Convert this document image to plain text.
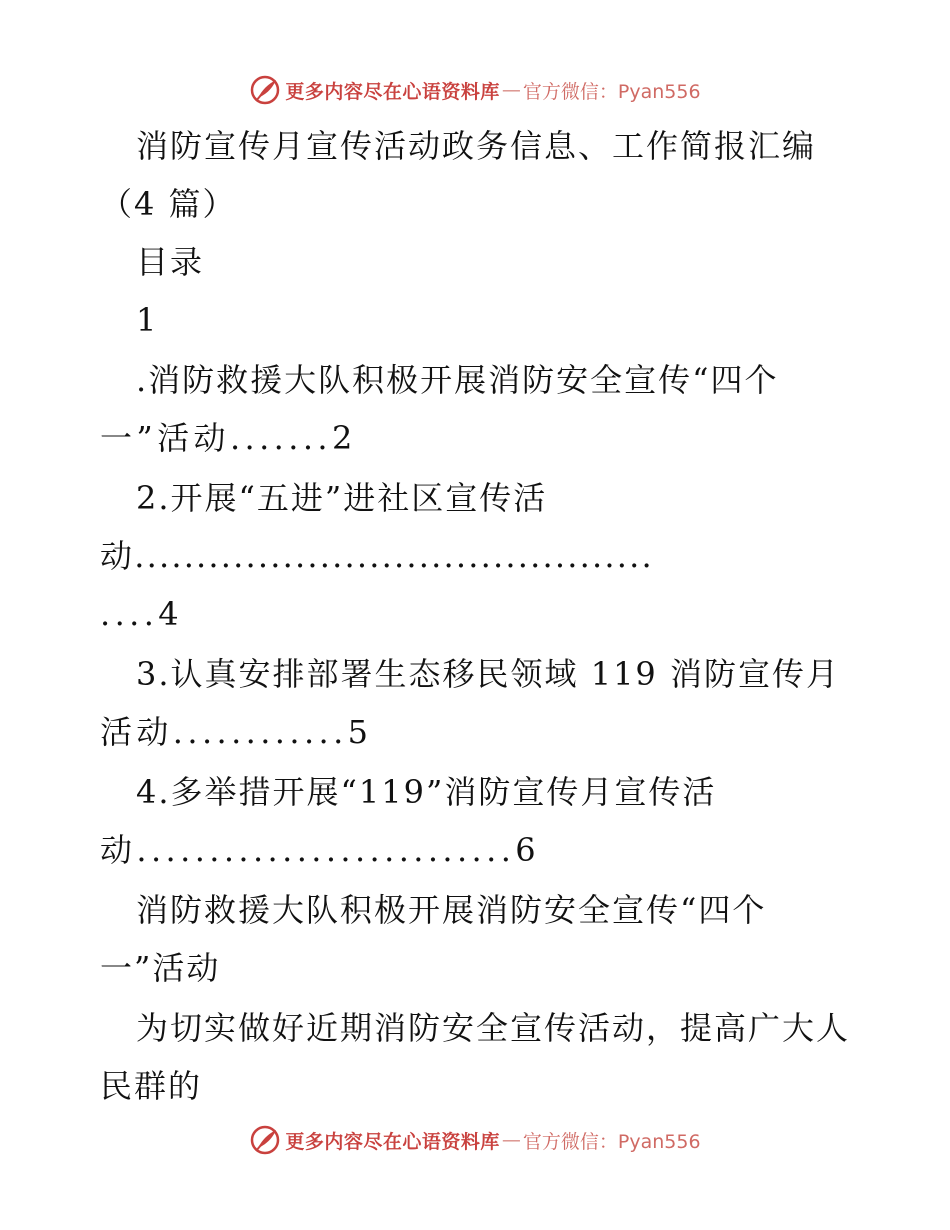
更多内容尽在心语资料库 — 官方微信：Pyan556
消防宣传月宣传活动政务信息、工作简报汇编
（4 篇）
目录
1
.消防救援大队积极开展消防安全宣传“四个
一”活动.......2
2.开展“五进”进社区宣传活
动..........................................
....4
3.认真安排部署生态移民领域 119 消防宣传月
活动............5
4.多举措开展“119”消防宣传月宣传活
动..........................6
消防救援大队积极开展消防安全宣传“四个
一”活动
为切实做好近期消防安全宣传活动，提高广大人
民群的
更多内容尽在心语资料库 — 官方微信：Pyan556
